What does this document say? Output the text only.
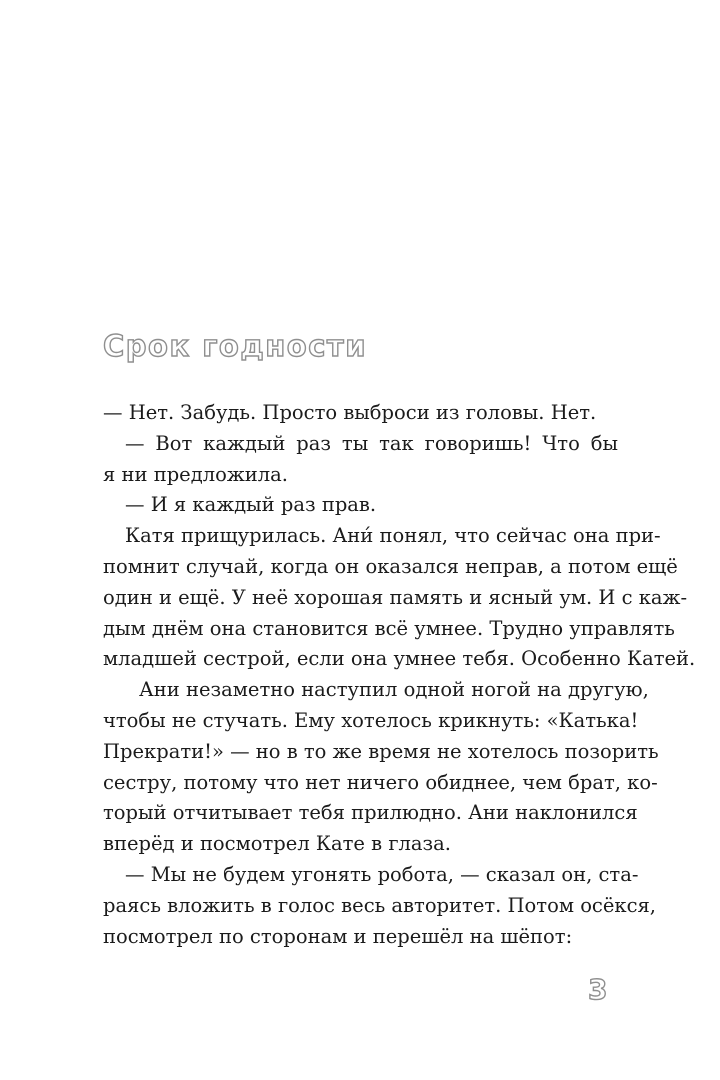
Срок годности
— Нет. Забудь. Просто выброси из головы. Нет.
— Вот каждый раз ты так говоришь! Что бы
я ни предложила.
— И я каждый раз прав.
Катя прищурилась. Ани́ понял, что сейчас она при-
помнит случай, когда он оказался неправ, а потом ещё
один и ещё. У неё хорошая память и ясный ум. И с каж-
дым днём она становится всё умнее. Трудно управлять
младшей сестрой, если она умнее тебя. Особенно Катей.
Ани незаметно наступил одной ногой на другую,
чтобы не стучать. Ему хотелось крикнуть: «Катька!
Прекрати!» — но в то же время не хотелось позорить
сестру, потому что нет ничего обиднее, чем брат, ко-
торый отчитывает тебя прилюдно. Ани наклонился
вперёд и посмотрел Кате в глаза.
— Мы не будем угонять робота, — сказал он, ста-
раясь вложить в голос весь авторитет. Потом осёкся,
посмотрел по сторонам и перешёл на шёпот:
3
